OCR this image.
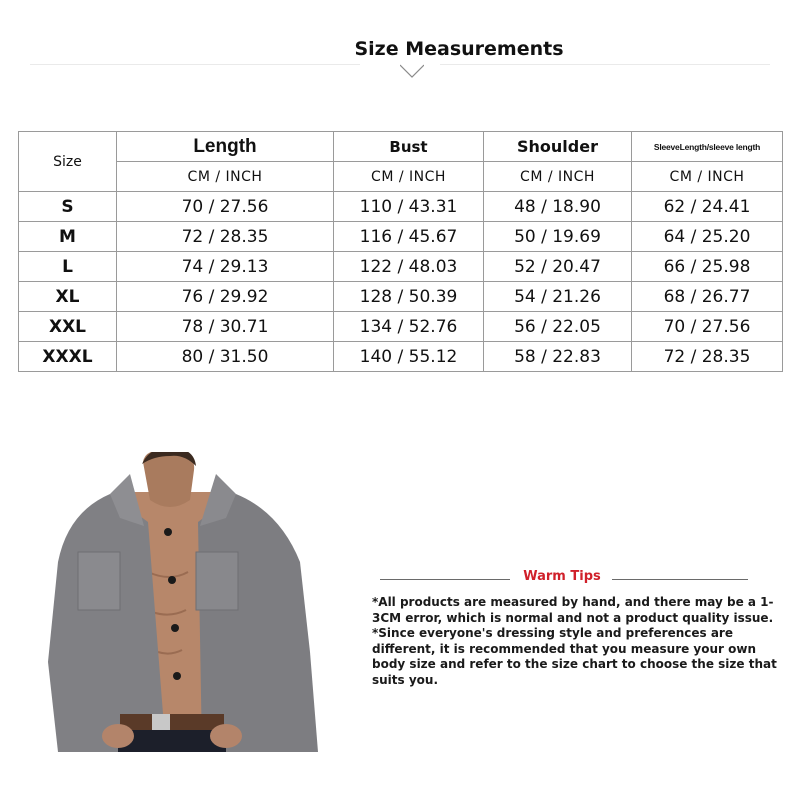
Size Measurements
Size	Length	Bust	Shoulder	SleeveLength/sleeve length
	CM / INCH	CM / INCH	CM / INCH	CM / INCH
S	70 / 27.56	110 / 43.31	48 / 18.90	62 / 24.41
M	72 / 28.35	116 / 45.67	50 / 19.69	64 / 25.20
L	74 / 29.13	122 / 48.03	52 / 20.47	66 / 25.98
XL	76 / 29.92	128 / 50.39	54 / 21.26	68 / 26.77
XXL	78 / 30.71	134 / 52.76	56 / 22.05	70 / 27.56
XXXL	80 / 31.50	140 / 55.12	58 / 22.83	72 / 28.35
Warm Tips
*All products are measured by hand, and there may be a 1-3CM error, which is normal and not a product quality issue. *Since everyone's dressing style and preferences are different, it is recommended that you measure your own body size and refer to the size chart to choose the size that suits you.
